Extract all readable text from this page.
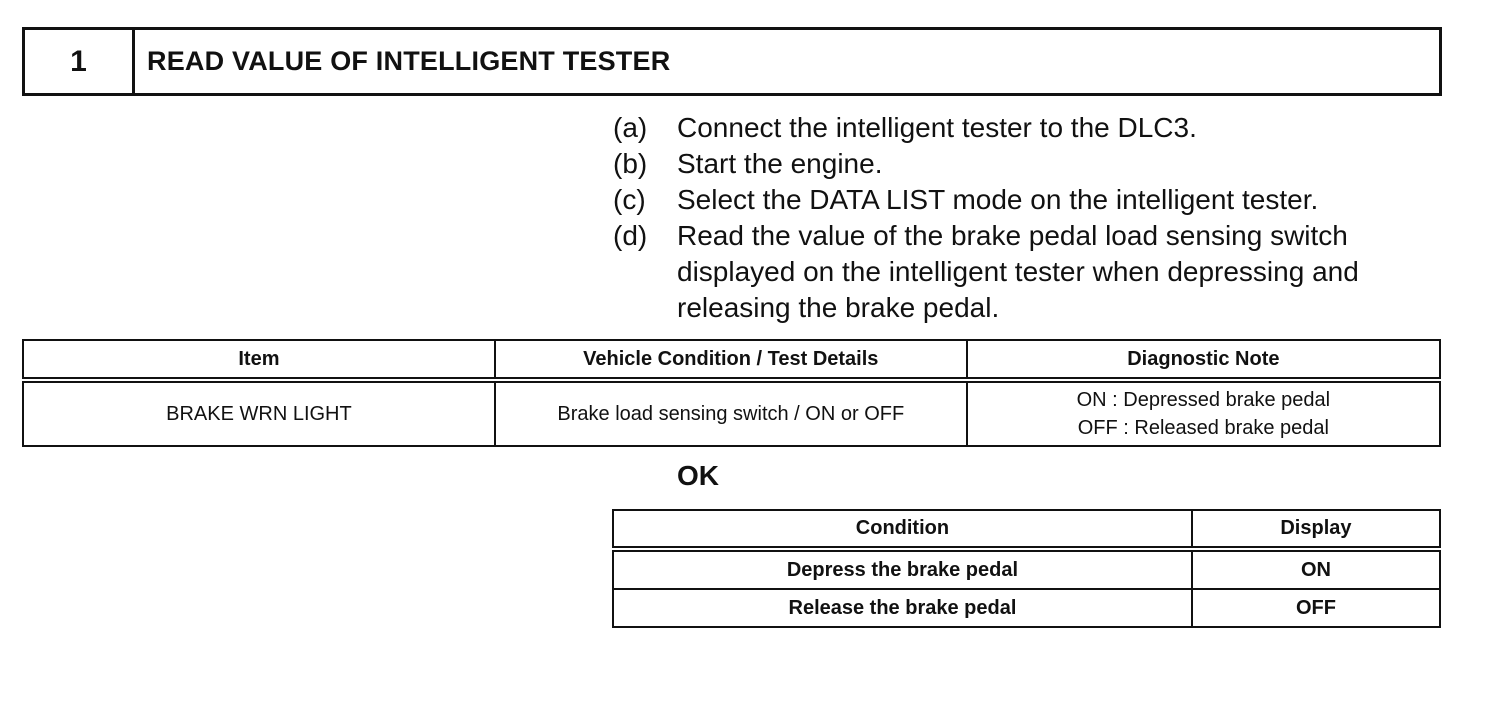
1	READ VALUE OF INTELLIGENT TESTER
(a)	Connect the intelligent tester to the DLC3.
(b)	Start the engine.
(c)	Select the DATA LIST mode on the intelligent tester.
(d)	Read the value of the brake pedal load sensing switch displayed on the intelligent tester when depressing and releasing the brake pedal.
Item	Vehicle Condition / Test Details	Diagnostic Note
BRAKE WRN LIGHT	Brake load sensing switch / ON or OFF	ON : Depressed brake pedal
OFF : Released brake pedal
OK
Condition	Display
Depress the brake pedal	ON
Release the brake pedal	OFF
